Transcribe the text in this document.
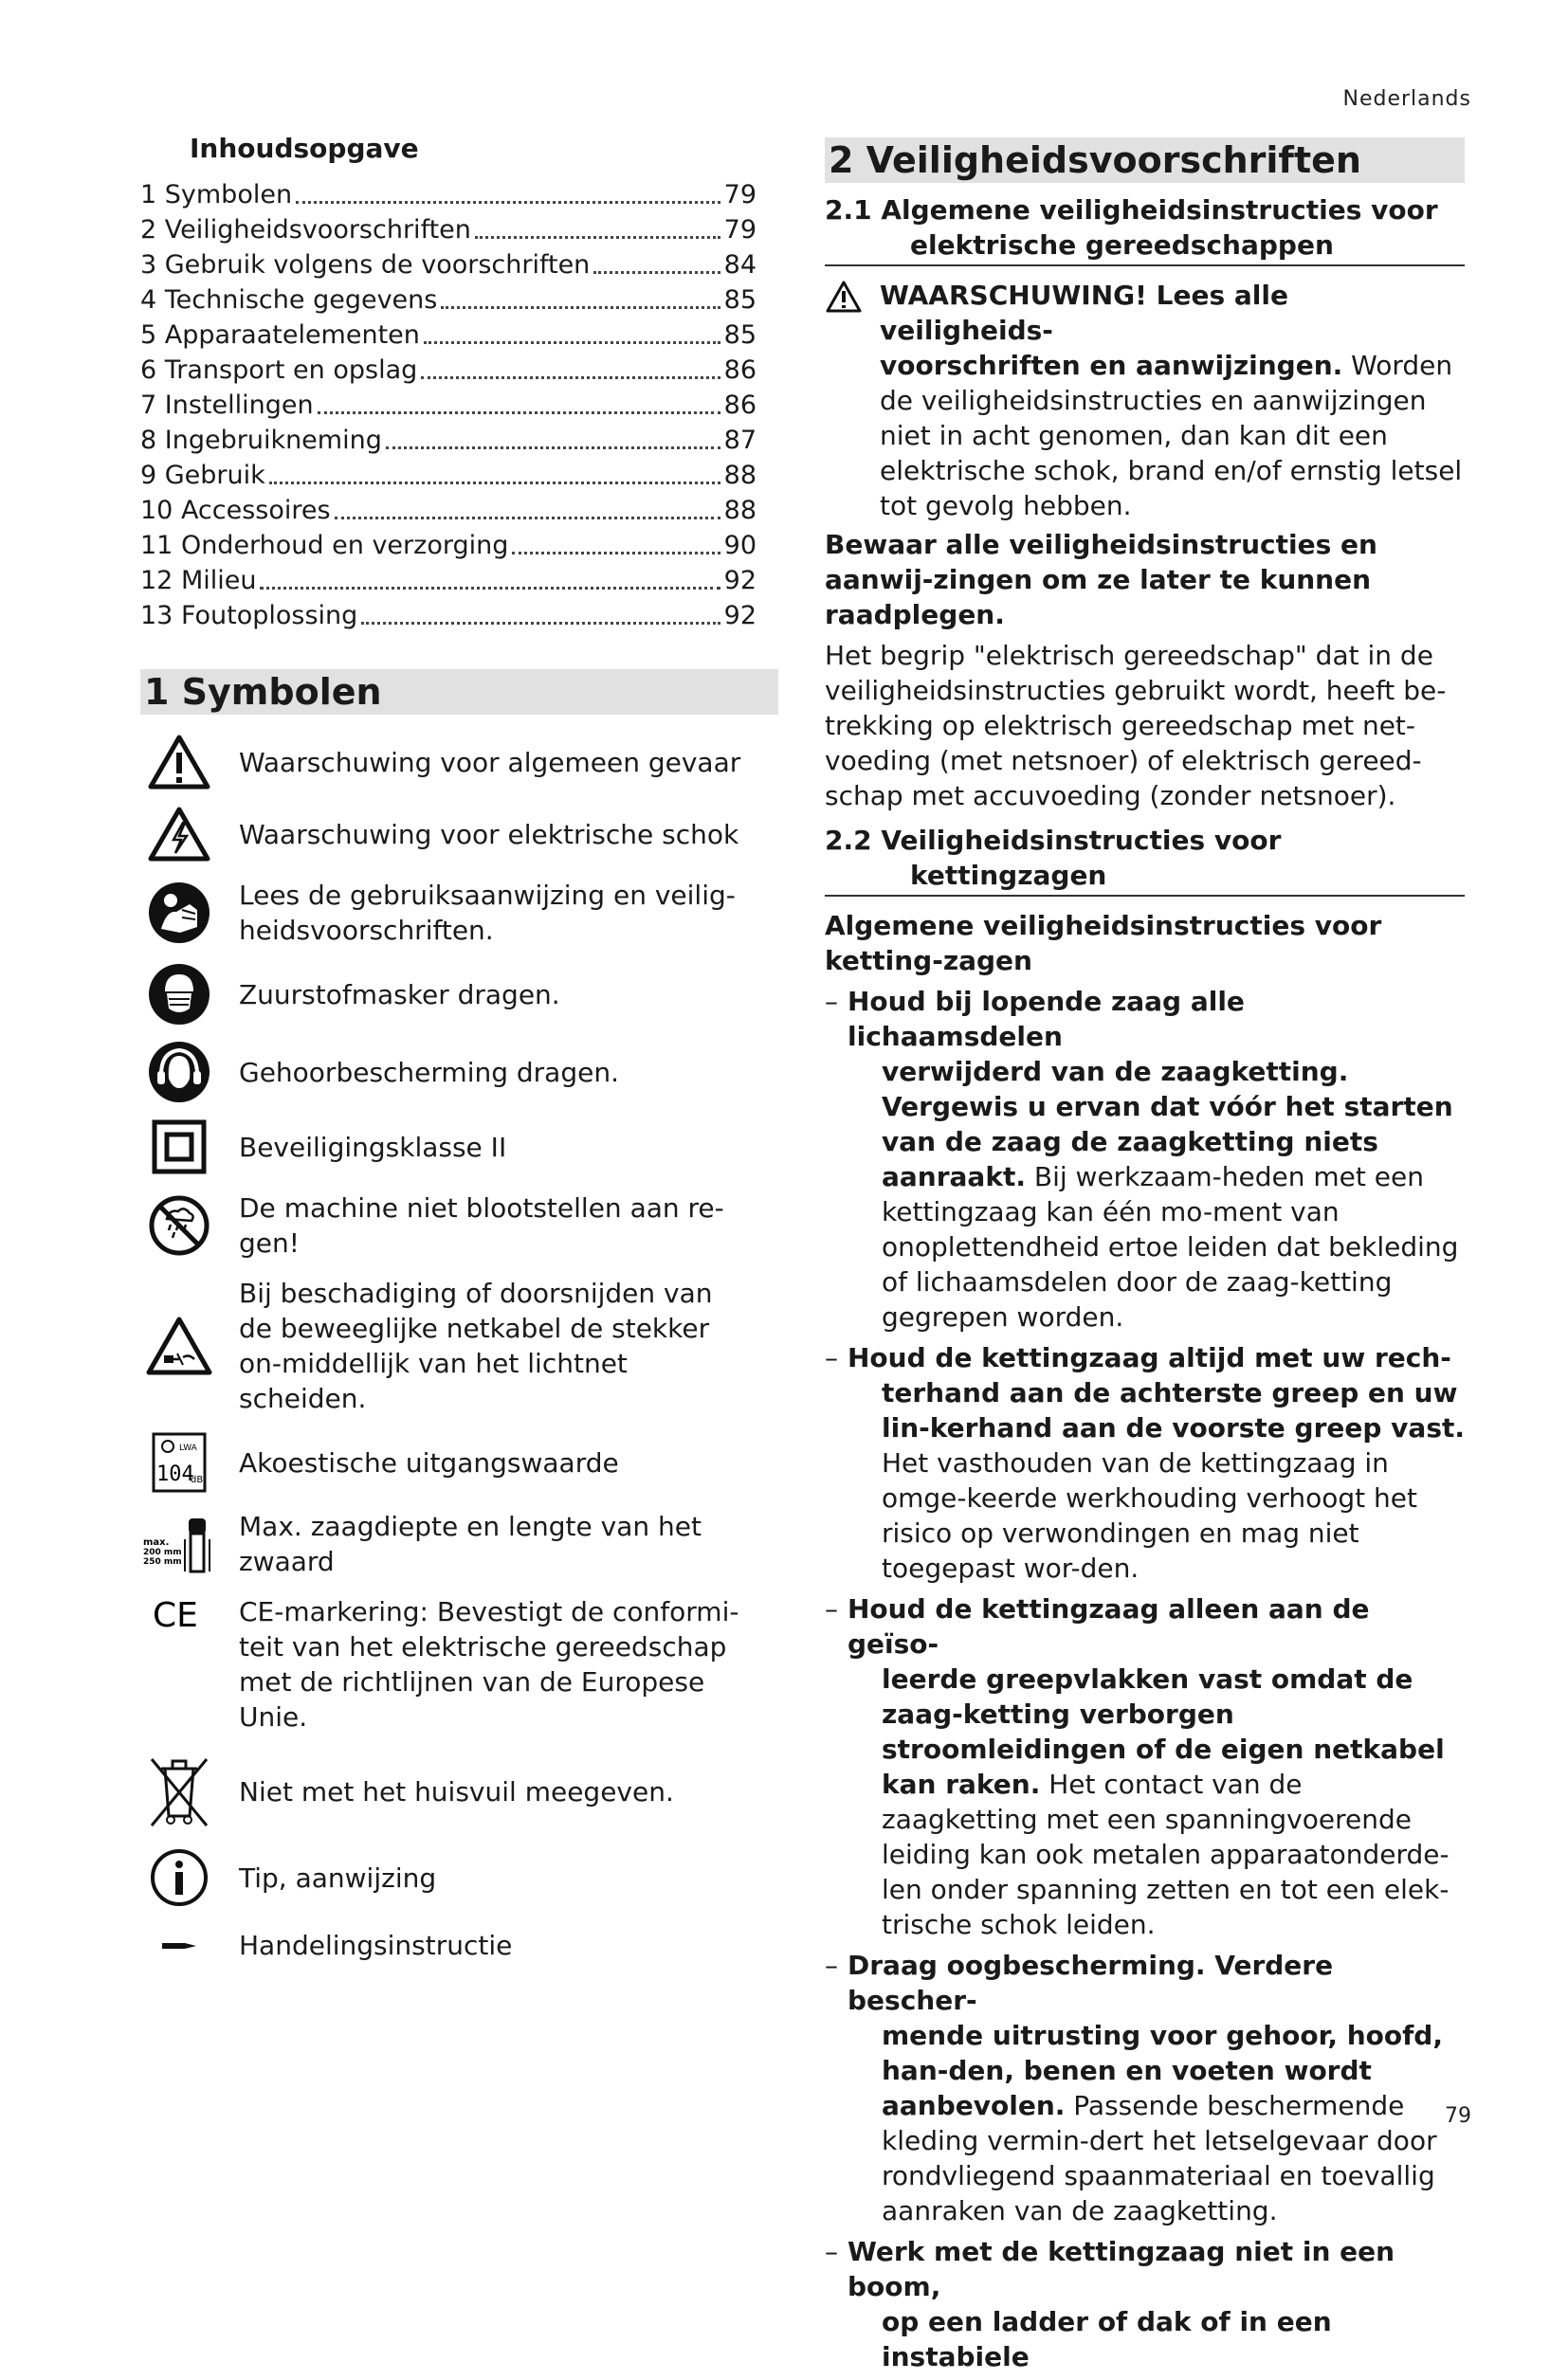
Nederlands
Inhoudsopgave
1 Symbolen	79
2 Veiligheidsvoorschriften	79
3 Gebruik volgens de voorschriften	84
4 Technische gegevens	85
5 Apparaatelementen	85
6 Transport en opslag	86
7 Instellingen	86
8 Ingebruikneming	87
9 Gebruik	88
10 Accessoires	88
11 Onderhoud en verzorging	90
12 Milieu	92
13 Foutoplossing	92
1 Symbolen
Waarschuwing voor algemeen gevaar
Waarschuwing voor elektrische schok
Lees de gebruiksaanwijzing en veilig-heidsvoorschriften.
Zuurstofmasker dragen.
Gehoorbescherming dragen.
Beveiligingsklasse II
De machine niet blootstellen aan re-gen!
Bij beschadiging of doorsnijden van de beweeglijke netkabel de stekker on-middellijk van het lichtnet scheiden.
LWA
104
dB
Akoestische uitgangswaarde
max.
200 mm
250 mm
Max. zaagdiepte en lengte van het zwaard
CE CE-markering: Bevestigt de conformi-teit van het elektrische gereedschap met de richtlijnen van de Europese Unie.
Niet met het huisvuil meegeven.
Tip, aanwijzing
Handelingsinstructie
2 Veiligheidsvoorschriften
2.1 Algemene veiligheidsinstructies voor
elektrische gereedschappen
WAARSCHUWING! Lees alle veiligheids-
voorschriften en aanwijzingen. Worden de veiligheidsinstructies en aanwijzingen niet in acht genomen, dan kan dit een elektrische schok, brand en/of ernstig letsel tot gevolg hebben.

Bewaar alle veiligheidsinstructies en aanwij-zingen om ze later te kunnen raadplegen.

Het begrip "elektrisch gereedschap" dat in de veiligheidsinstructies gebruikt wordt, heeft be-trekking op elektrisch gereedschap met net-voeding (met netsnoer) of elektrisch gereed-schap met accuvoeding (zonder netsnoer).

2.2 Veiligheidsinstructies voor
kettingzagen

Algemene veiligheidsinstructies voor ketting-zagen

– Houd bij lopende zaag alle lichaamsdelen
verwijderd van de zaagketting. Vergewis u ervan dat vóór het starten van de zaag de zaagketting niets aanraakt. Bij werkzaam-heden met een kettingzaag kan één mo-ment van onoplettendheid ertoe leiden dat bekleding of lichaamsdelen door de zaag-ketting gegrepen worden.
– Houd de kettingzaag altijd met uw rech-
terhand aan de achterste greep en uw lin-kerhand aan de voorste greep vast. Het vasthouden van de kettingzaag in omge-keerde werkhouding verhoogt het risico op verwondingen en mag niet toegepast wor-den.
– Houd de kettingzaag alleen aan de geïso-
leerde greepvlakken vast omdat de zaag-ketting verborgen stroomleidingen of de eigen netkabel kan raken. Het contact van de zaagketting met een spanningvoerende leiding kan ook metalen apparaatonderde-len onder spanning zetten en tot een elek-trische schok leiden.
– Draag oogbescherming. Verdere bescher-
mende uitrusting voor gehoor, hoofd, han-den, benen en voeten wordt aanbevolen. Passende beschermende kleding vermin-dert het letselgevaar door rondvliegend spaanmateriaal en toevallig aanraken van de zaagketting.
– Werk met de kettingzaag niet in een boom,
op een ladder of dak of in een instabiele
79
